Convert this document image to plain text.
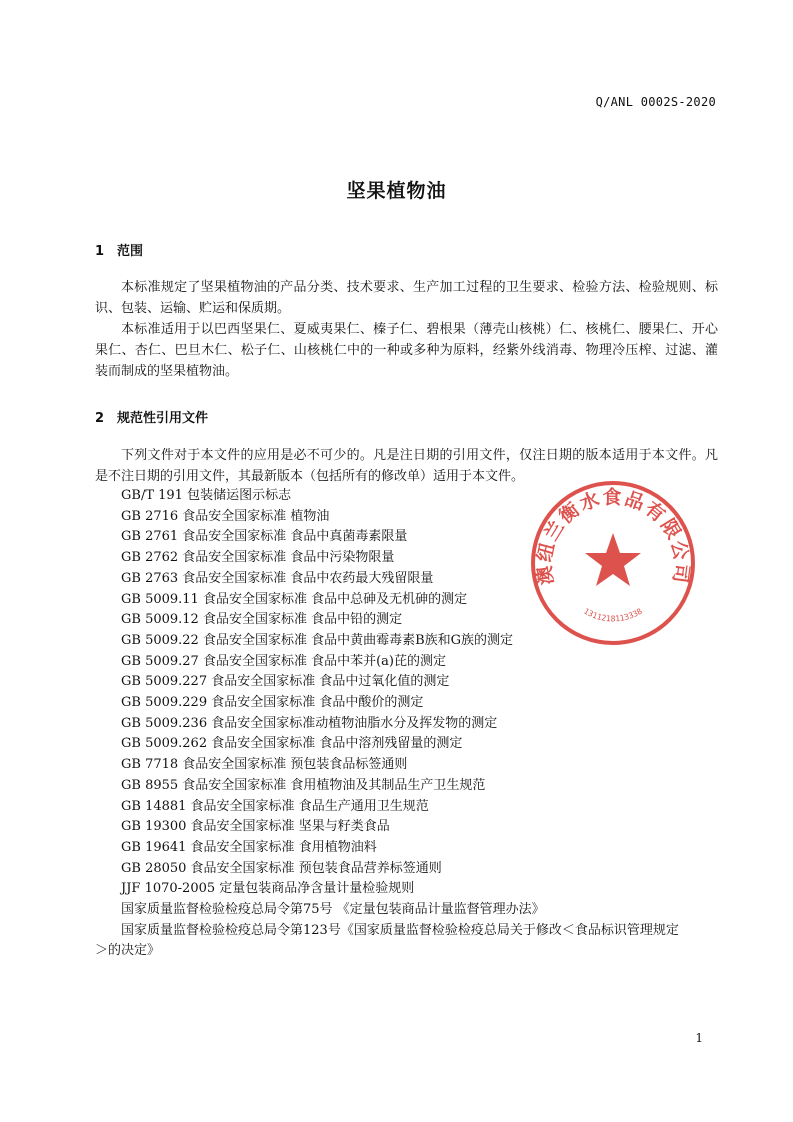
Q/ANL 0002S-2020
坚果植物油
1 范围

本标准规定了坚果植物油的产品分类、技术要求、生产加工过程的卫生要求、检验方法、检验规则、标识、包装、运输、贮运和保质期。

本标准适用于以巴西坚果仁、夏威夷果仁、榛子仁、碧根果（薄壳山核桃）仁、核桃仁、腰果仁、开心果仁、杏仁、巴旦木仁、松子仁、山核桃仁中的一种或多种为原料，经紫外线消毒、物理冷压榨、过滤、灌装而制成的坚果植物油。

2 规范性引用文件

下列文件对于本文件的应用是必不可少的。凡是注日期的引用文件，仅注日期的版本适用于本文件。凡是不注日期的引用文件，其最新版本（包括所有的修改单）适用于本文件。

GB/T 191 包装储运图示标志
GB 2716 食品安全国家标准 植物油
GB 2761 食品安全国家标准 食品中真菌毒素限量
GB 2762 食品安全国家标准 食品中污染物限量
GB 2763 食品安全国家标准 食品中农药最大残留限量
GB 5009.11 食品安全国家标准 食品中总砷及无机砷的测定
GB 5009.12 食品安全国家标准 食品中铅的测定
GB 5009.22 食品安全国家标准 食品中黄曲霉毒素B族和G族的测定
GB 5009.27 食品安全国家标准 食品中苯并(a)芘的测定
GB 5009.227 食品安全国家标准 食品中过氧化值的测定
GB 5009.229 食品安全国家标准 食品中酸价的测定
GB 5009.236 食品安全国家标准动植物油脂水分及挥发物的测定
GB 5009.262 食品安全国家标准 食品中溶剂残留量的测定
GB 7718 食品安全国家标准 预包装食品标签通则
GB 8955 食品安全国家标准 食用植物油及其制品生产卫生规范
GB 14881 食品安全国家标准 食品生产通用卫生规范
GB 19300 食品安全国家标准 坚果与籽类食品
GB 19641 食品安全国家标准 食用植物油料
GB 28050 食品安全国家标准 预包装食品营养标签通则
JJF 1070-2005 定量包装商品净含量计量检验规则
国家质量监督检验检疫总局令第75号 《定量包装商品计量监督管理办法》
国家质量监督检验检疫总局令第123号《国家质量监督检验检疫总局关于修改＜食品标识管理规定
＞的决定》
澳纽兰衡水食品有限公司
1311218113338
1
